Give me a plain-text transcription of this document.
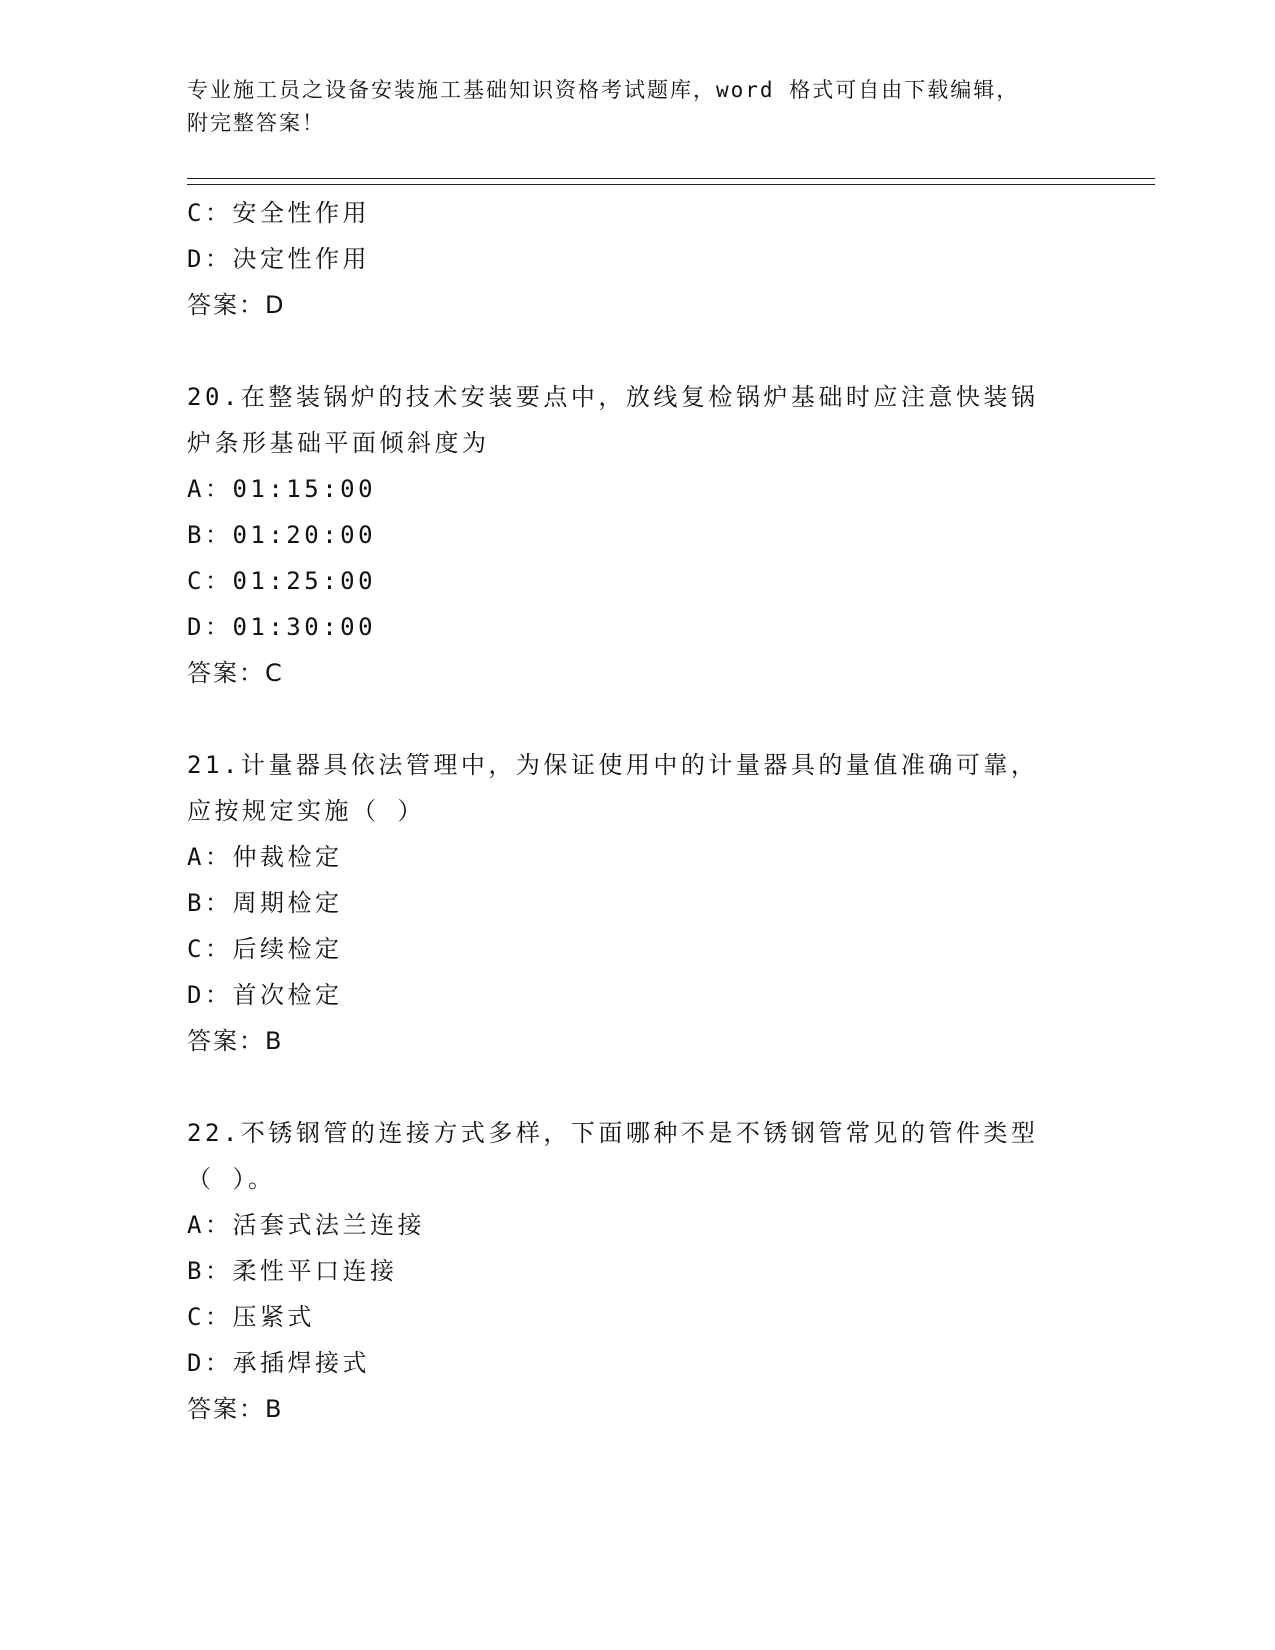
专业施工员之设备安装施工基础知识资格考试题库，word 格式可自由下载编辑，
附完整答案！
C：安全性作用
D：决定性作用
答案：D
20.在整装锅炉的技术安装要点中，放线复检锅炉基础时应注意快装锅
炉条形基础平面倾斜度为
A：01:15:00
B：01:20:00
C：01:25:00
D：01:30:00
答案：C
21.计量器具依法管理中，为保证使用中的计量器具的量值准确可靠，
应按规定实施（ ）
A：仲裁检定
B：周期检定
C：后续检定
D：首次检定
答案：B
22.不锈钢管的连接方式多样，下面哪种不是不锈钢管常见的管件类型
（ ）。
A：活套式法兰连接
B：柔性平口连接
C：压紧式
D：承插焊接式
答案：B
